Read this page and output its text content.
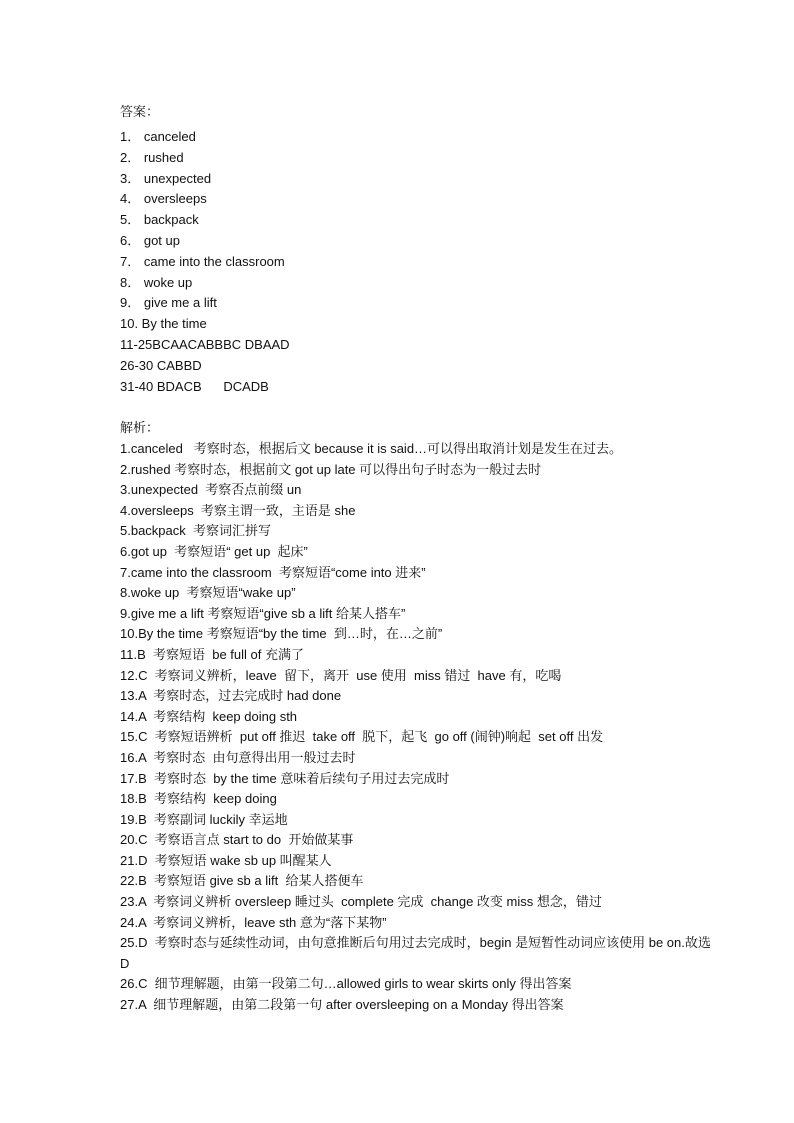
答案：
1． canceled
2． rushed
3． unexpected
4． oversleeps
5． backpack
6． got up
7． came into the classroom
8． woke up
9． give me a lift
10. By the time
11-25BCAACABBBC DBAAD
26-30 CABBD
31-40 BDACB      DCADB
解析：
1.canceled   考察时态，根据后文 because it is said…可以得出取消计划是发生在过去。
2.rushed 考察时态，根据前文 got up late 可以得出句子时态为一般过去时
3.unexpected  考察否点前缀 un
4.oversleeps  考察主谓一致，主语是 she
5.backpack  考察词汇拼写
6.got up  考察短语“ get up  起床”
7.came into the classroom  考察短语“come into 进来”
8.woke up  考察短语“wake up”
9.give me a lift 考察短语“give sb a lift 给某人搭车”
10.By the time 考察短语“by the time  到…时，在…之前”
11.B  考察短语  be full of 充满了
12.C  考察词义辨析，leave  留下，离开  use 使用  miss 错过  have 有，吃喝
13.A  考察时态，过去完成时 had done
14.A  考察结构  keep doing sth
15.C  考察短语辨析  put off 推迟  take off  脱下，起飞  go off (闹钟)响起  set off 出发
16.A  考察时态  由句意得出用一般过去时
17.B  考察时态  by the time 意味着后续句子用过去完成时
18.B  考察结构  keep doing
19.B  考察副词 luckily 幸运地
20.C  考察语言点 start to do  开始做某事
21.D  考察短语 wake sb up 叫醒某人
22.B  考察短语 give sb a lift  给某人搭便车
23.A  考察词义辨析 oversleep 睡过头  complete 完成  change 改变 miss 想念，错过
24.A  考察词义辨析，leave sth 意为“落下某物”
25.D  考察时态与延续性动词，由句意推断后句用过去完成时，begin 是短暂性动词应该使用 be on.故选 D
26.C  细节理解题，由第一段第二句…allowed girls to wear skirts only 得出答案
27.A  细节理解题，由第二段第一句 after oversleeping on a Monday 得出答案
